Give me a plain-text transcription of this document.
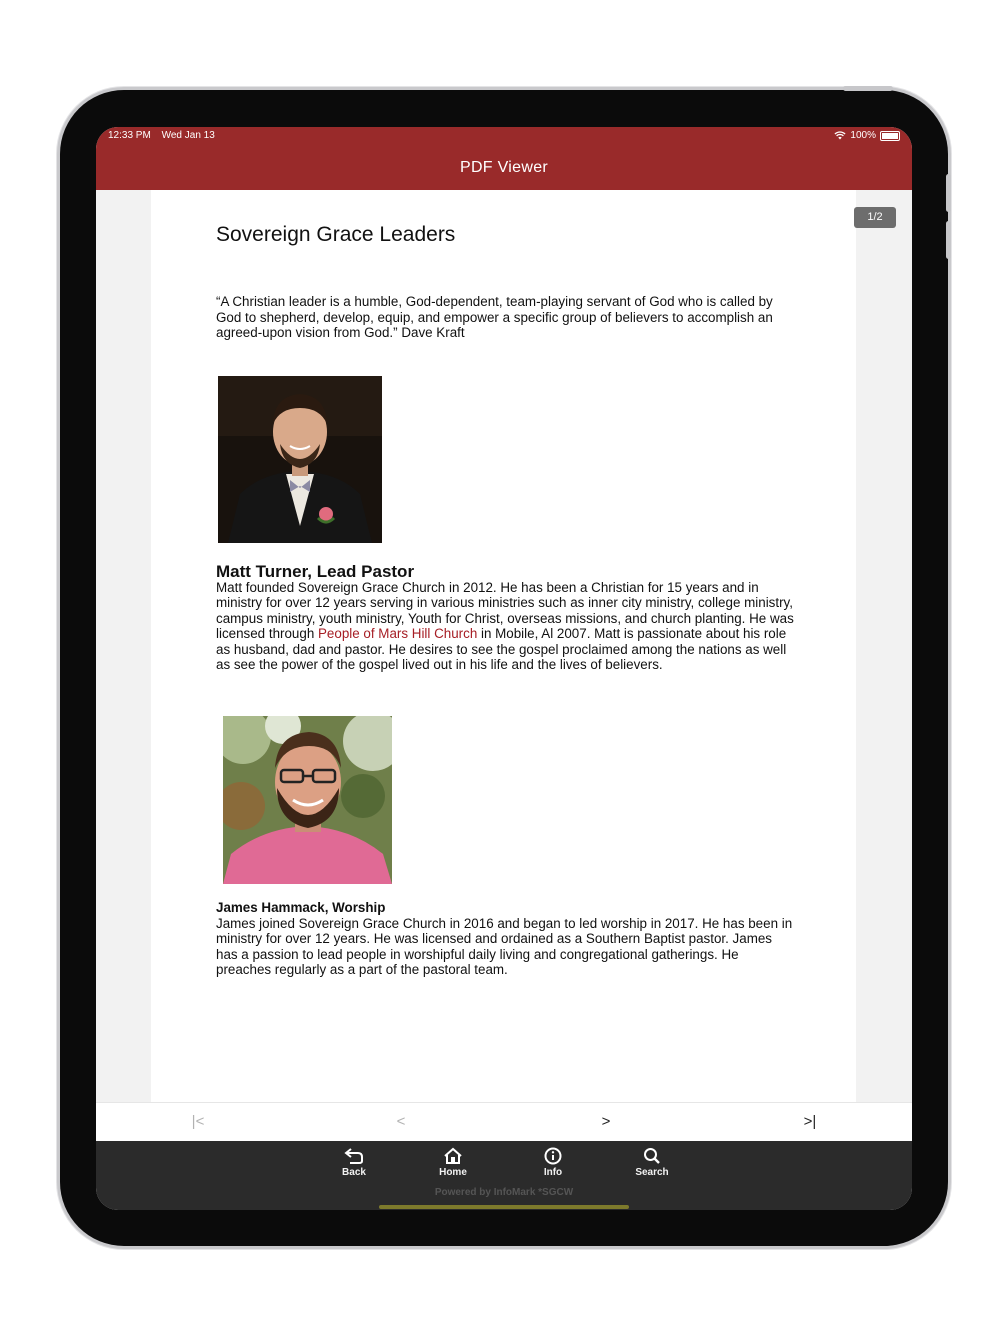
12:33 PM Wed Jan 13	100%
PDF Viewer
Sovereign Grace Leaders
“A Christian leader is a humble, God-dependent, team-playing servant of God who is called by God to shepherd, develop, equip, and empower a specific group of believers to accomplish an agreed-upon vision from God.” Dave Kraft
Matt Turner, Lead Pastor
Matt founded Sovereign Grace Church in 2012. He has been a Christian for 15 years and in ministry for over 12 years serving in various ministries such as inner city ministry, college ministry, campus ministry, youth ministry, Youth for Christ, overseas missions, and church planting. He was licensed through People of Mars Hill Church in Mobile, Al 2007. Matt is passionate about his role as husband, dad and pastor. He desires to see the gospel proclaimed among the nations as well as see the power of the gospel lived out in his life and the lives of believers.
James Hammack, Worship
James joined Sovereign Grace Church in 2016 and began to led worship in 2017. He has been in ministry for over 12 years. He was licensed and ordained as a Southern Baptist pastor. James has a passion to lead people in worshipful daily living and congregational gatherings. He preaches regularly as a part of the pastoral team.
1/2
|<	<	>	>|
Back	Home	Info	Search
Powered by InfoMark *SGCW
